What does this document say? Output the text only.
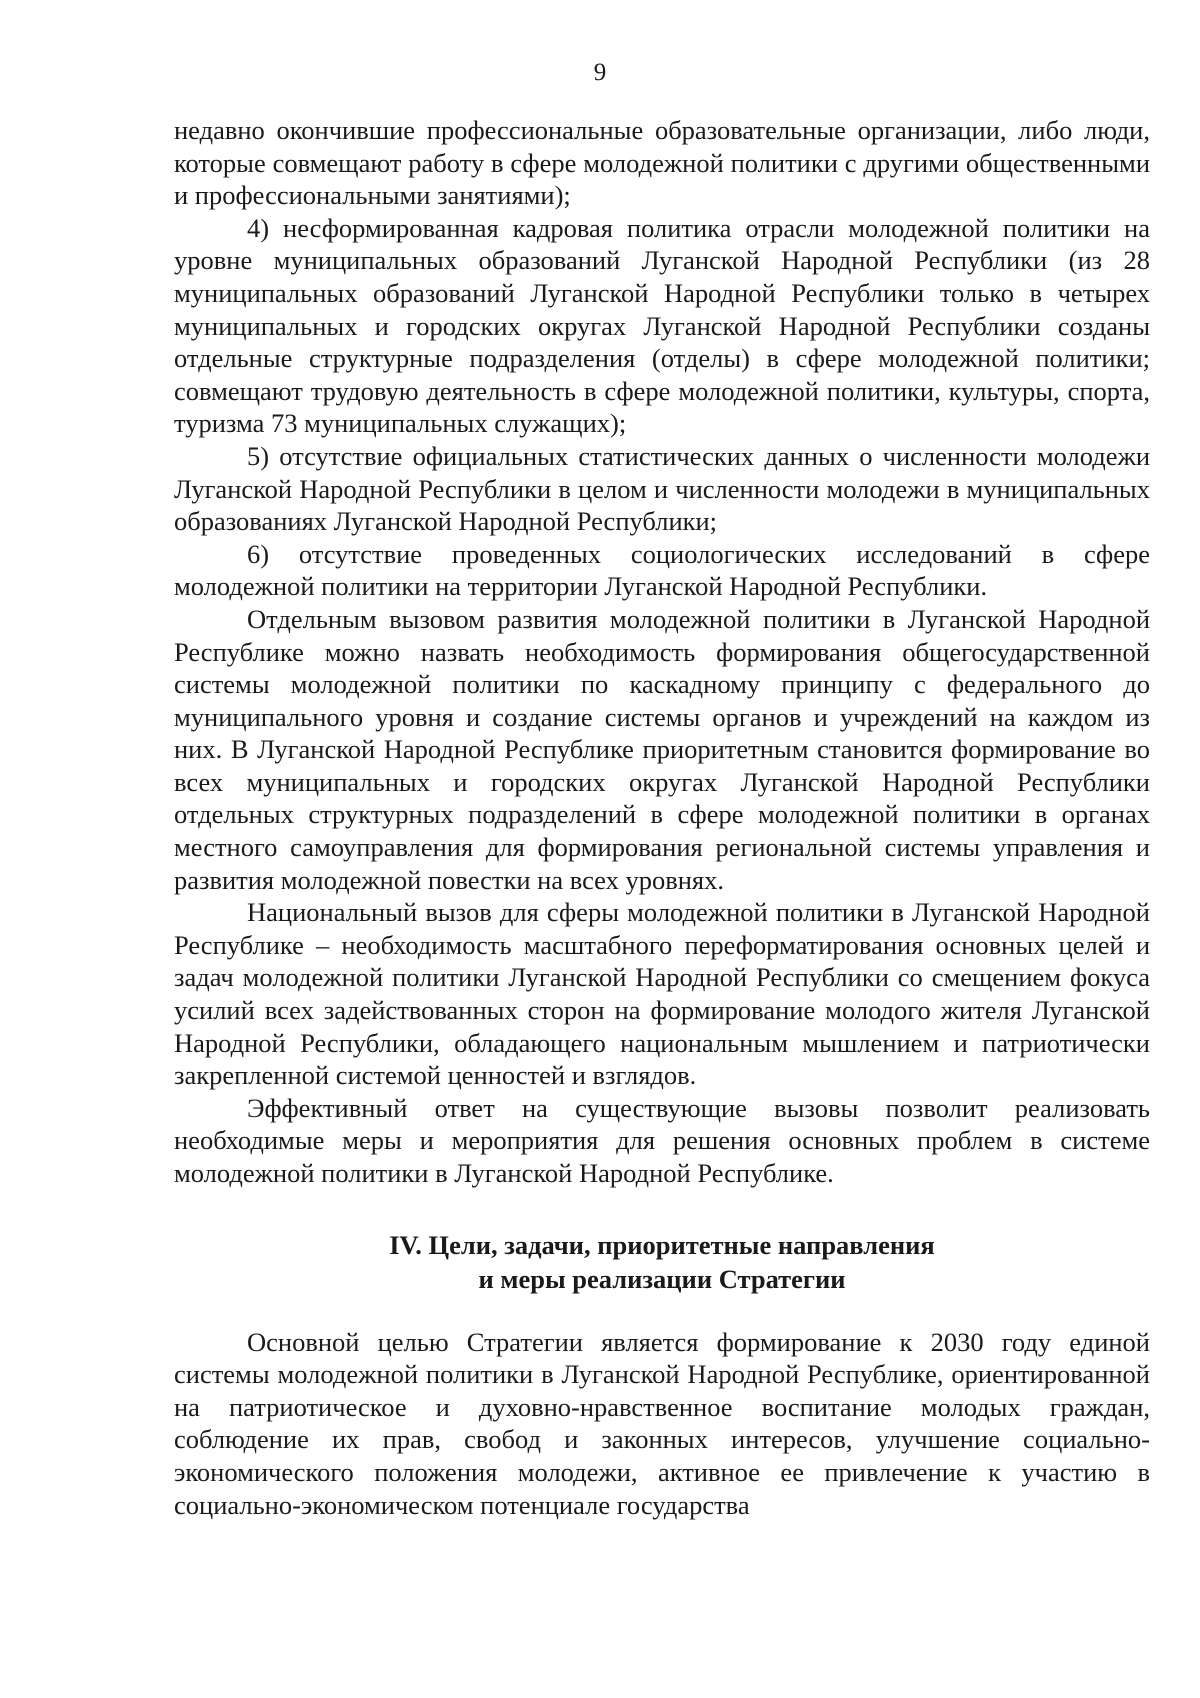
9

недавно окончившие профессиональные образовательные организации, либо люди, которые совмещают работу в сфере молодежной политики с другими общественными и профессиональными занятиями);

4) несформированная кадровая политика отрасли молодежной политики на уровне муниципальных образований Луганской Народной Республики (из 28 муниципальных образований Луганской Народной Республики только в четырех муниципальных и городских округах Луганской Народной Республики созданы отдельные структурные подразделения (отделы) в сфере молодежной политики; совмещают трудовую деятельность в сфере молодежной политики, культуры, спорта, туризма 73 муниципальных служащих);

5) отсутствие официальных статистических данных о численности молодежи Луганской Народной Республики в целом и численности молодежи в муниципальных образованиях Луганской Народной Республики;

6) отсутствие проведенных социологических исследований в сфере молодежной политики на территории Луганской Народной Республики.

Отдельным вызовом развития молодежной политики в Луганской Народной Республике можно назвать необходимость формирования общегосударственной системы молодежной политики по каскадному принципу с федерального до муниципального уровня и создание системы органов и учреждений на каждом из них. В Луганской Народной Республике приоритетным становится формирование во всех муниципальных и городских округах Луганской Народной Республики отдельных структурных подразделений в сфере молодежной политики в органах местного самоуправления для формирования региональной системы управления и развития молодежной повестки на всех уровнях.

Национальный вызов для сферы молодежной политики в Луганской Народной Республике – необходимость масштабного переформатирования основных целей и задач молодежной политики Луганской Народной Республики со смещением фокуса усилий всех задействованных сторон на формирование молодого жителя Луганской Народной Республики, обладающего национальным мышлением и патриотически закрепленной системой ценностей и взглядов.

Эффективный ответ на существующие вызовы позволит реализовать необходимые меры и мероприятия для решения основных проблем в системе молодежной политики в Луганской Народной Республике.

IV. Цели, задачи, приоритетные направления
и меры реализации Стратегии

Основной целью Стратегии является формирование к 2030 году единой системы молодежной политики в Луганской Народной Республике, ориентированной на патриотическое и духовно-нравственное воспитание молодых граждан, соблюдение их прав, свобод и законных интересов, улучшение социально-экономического положения молодежи, активное ее привлечение к участию в социально-экономическом потенциале государства
